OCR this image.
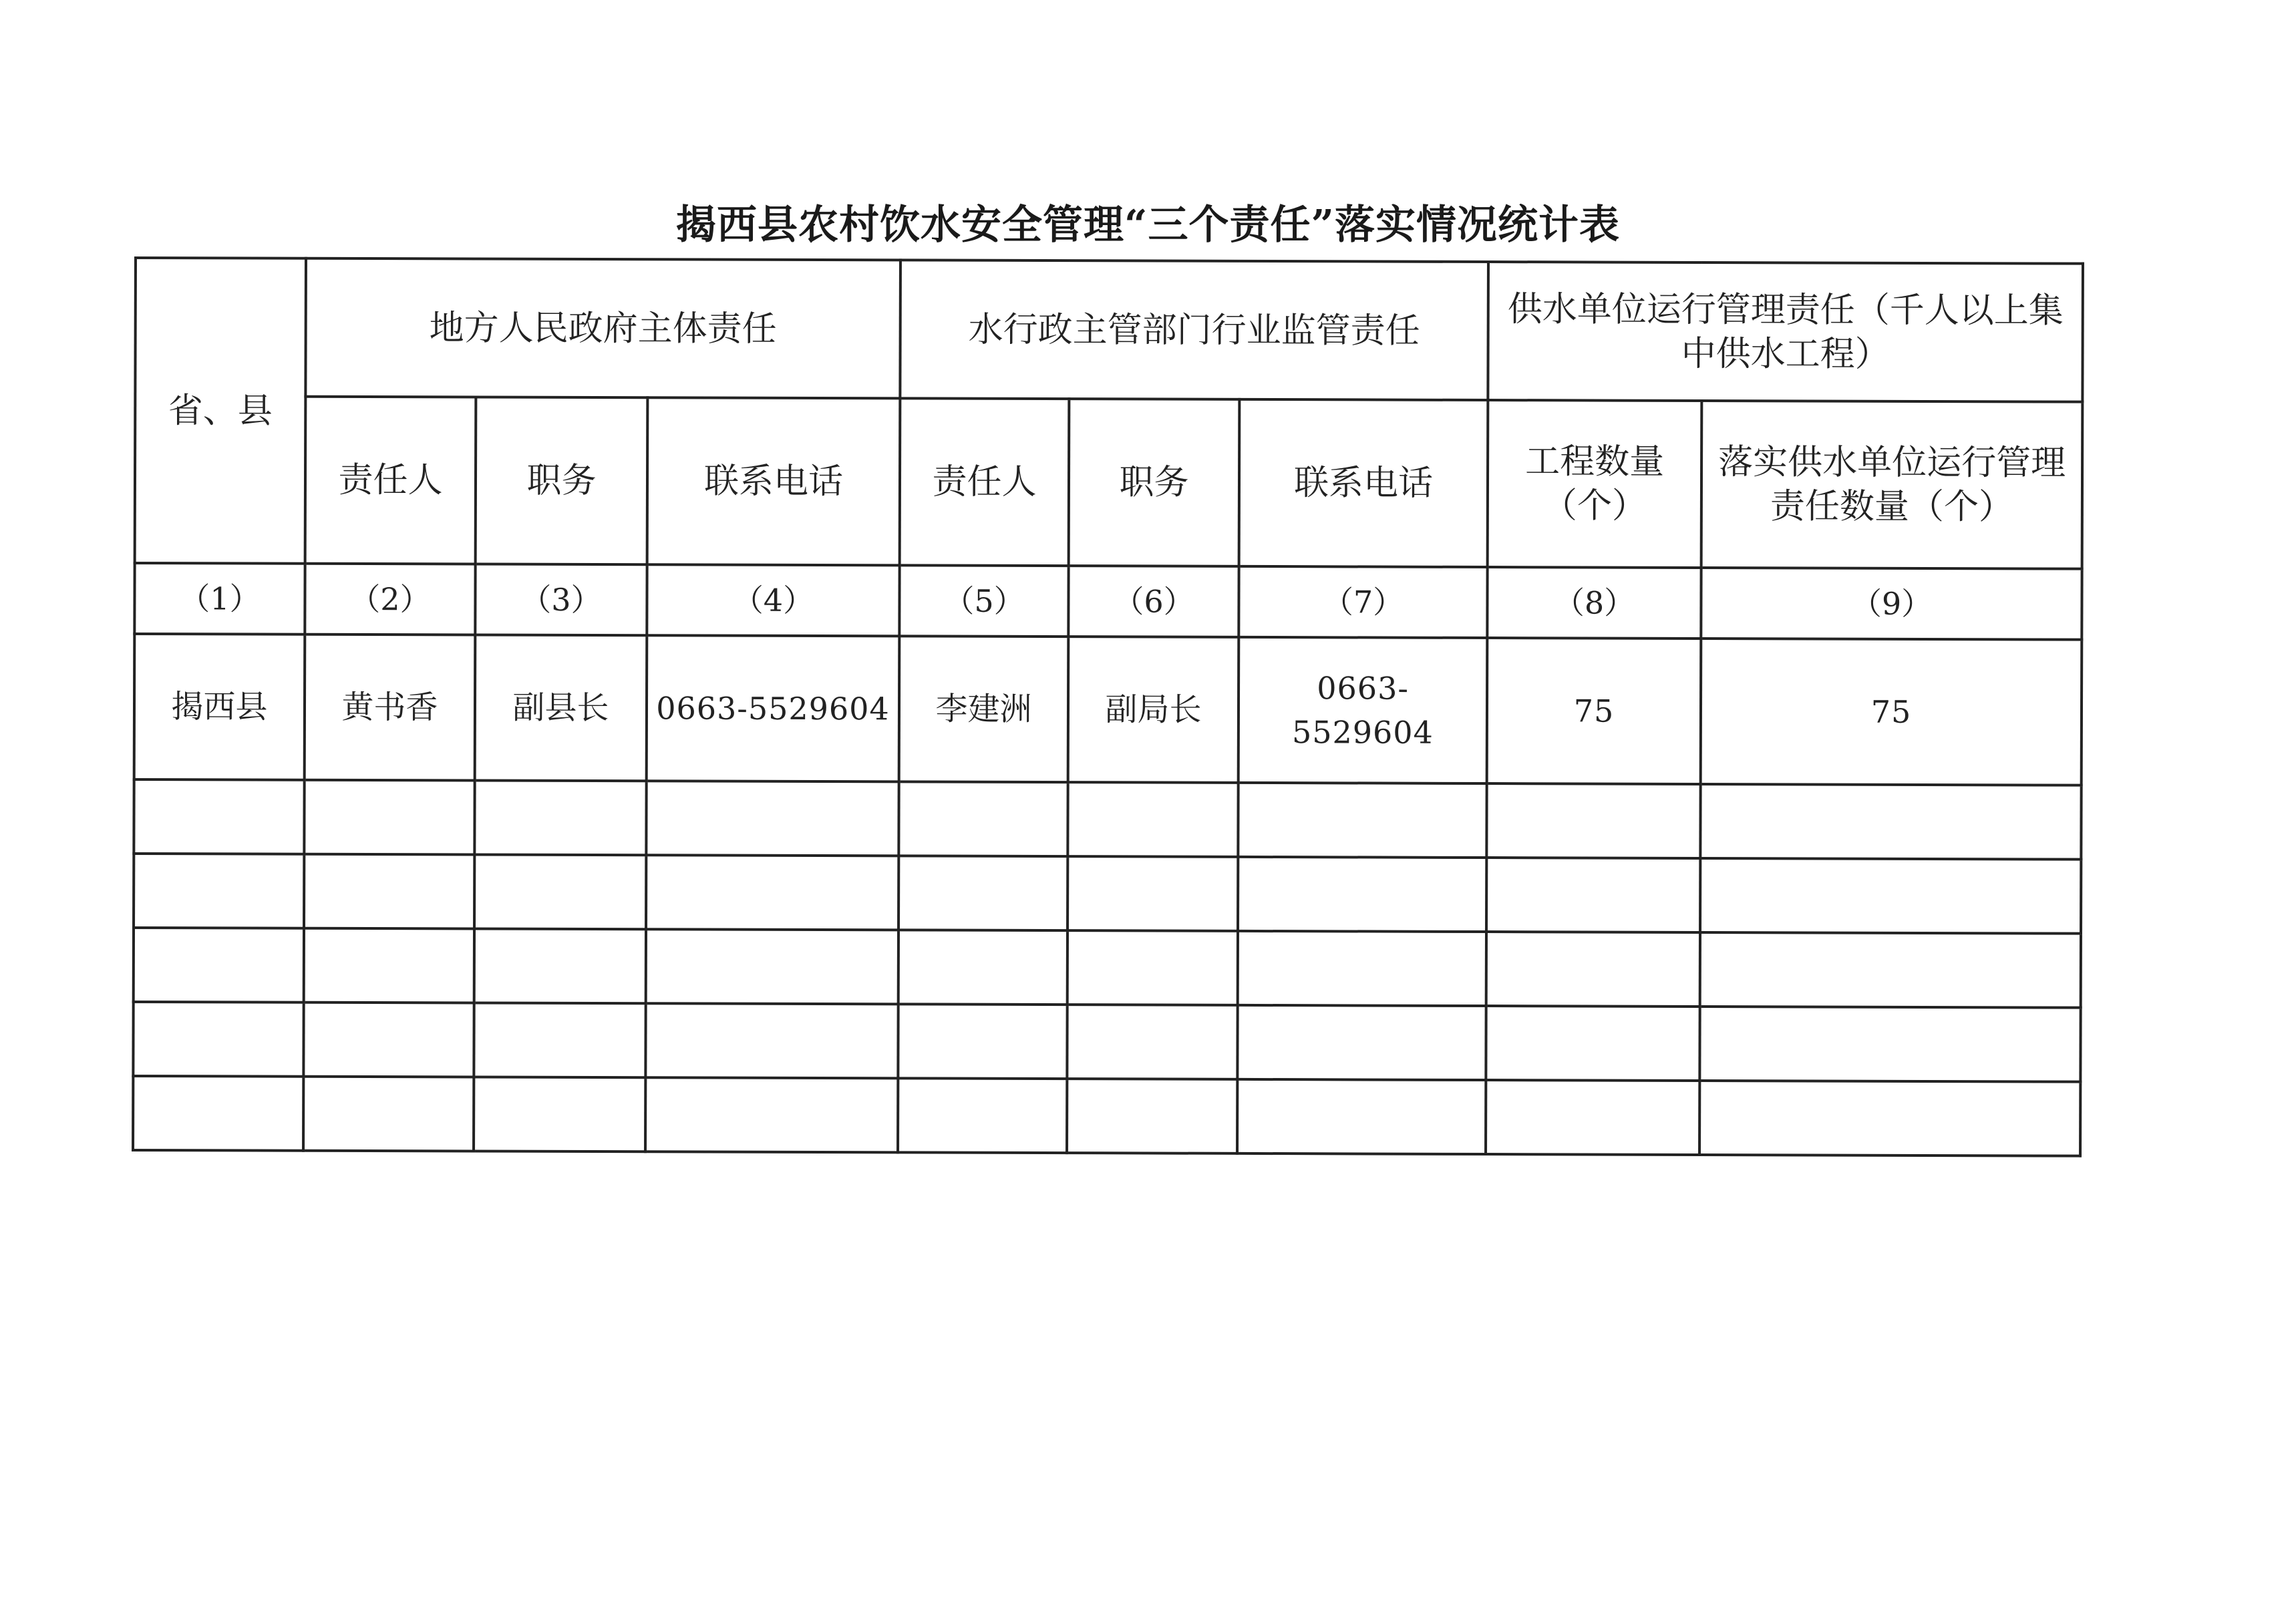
揭西县农村饮水安全管理“三个责任”落实情况统计表
省、县	地方人民政府主体责任			水行政主管部门行业监管责任			供水单位运行管理责任（千人以上集中供水工程）	
	责任人	职务	联系电话	责任人	职务	联系电话	工程数量（个）	落实供水单位运行管理责任数量（个）
（1）	（2）	（3）	（4）	（5）	（6）	（7）	（8）	（9）
揭西县	黄书香	副县长	0663-5529604	李建洲	副局长	0663-5529604	75	75
